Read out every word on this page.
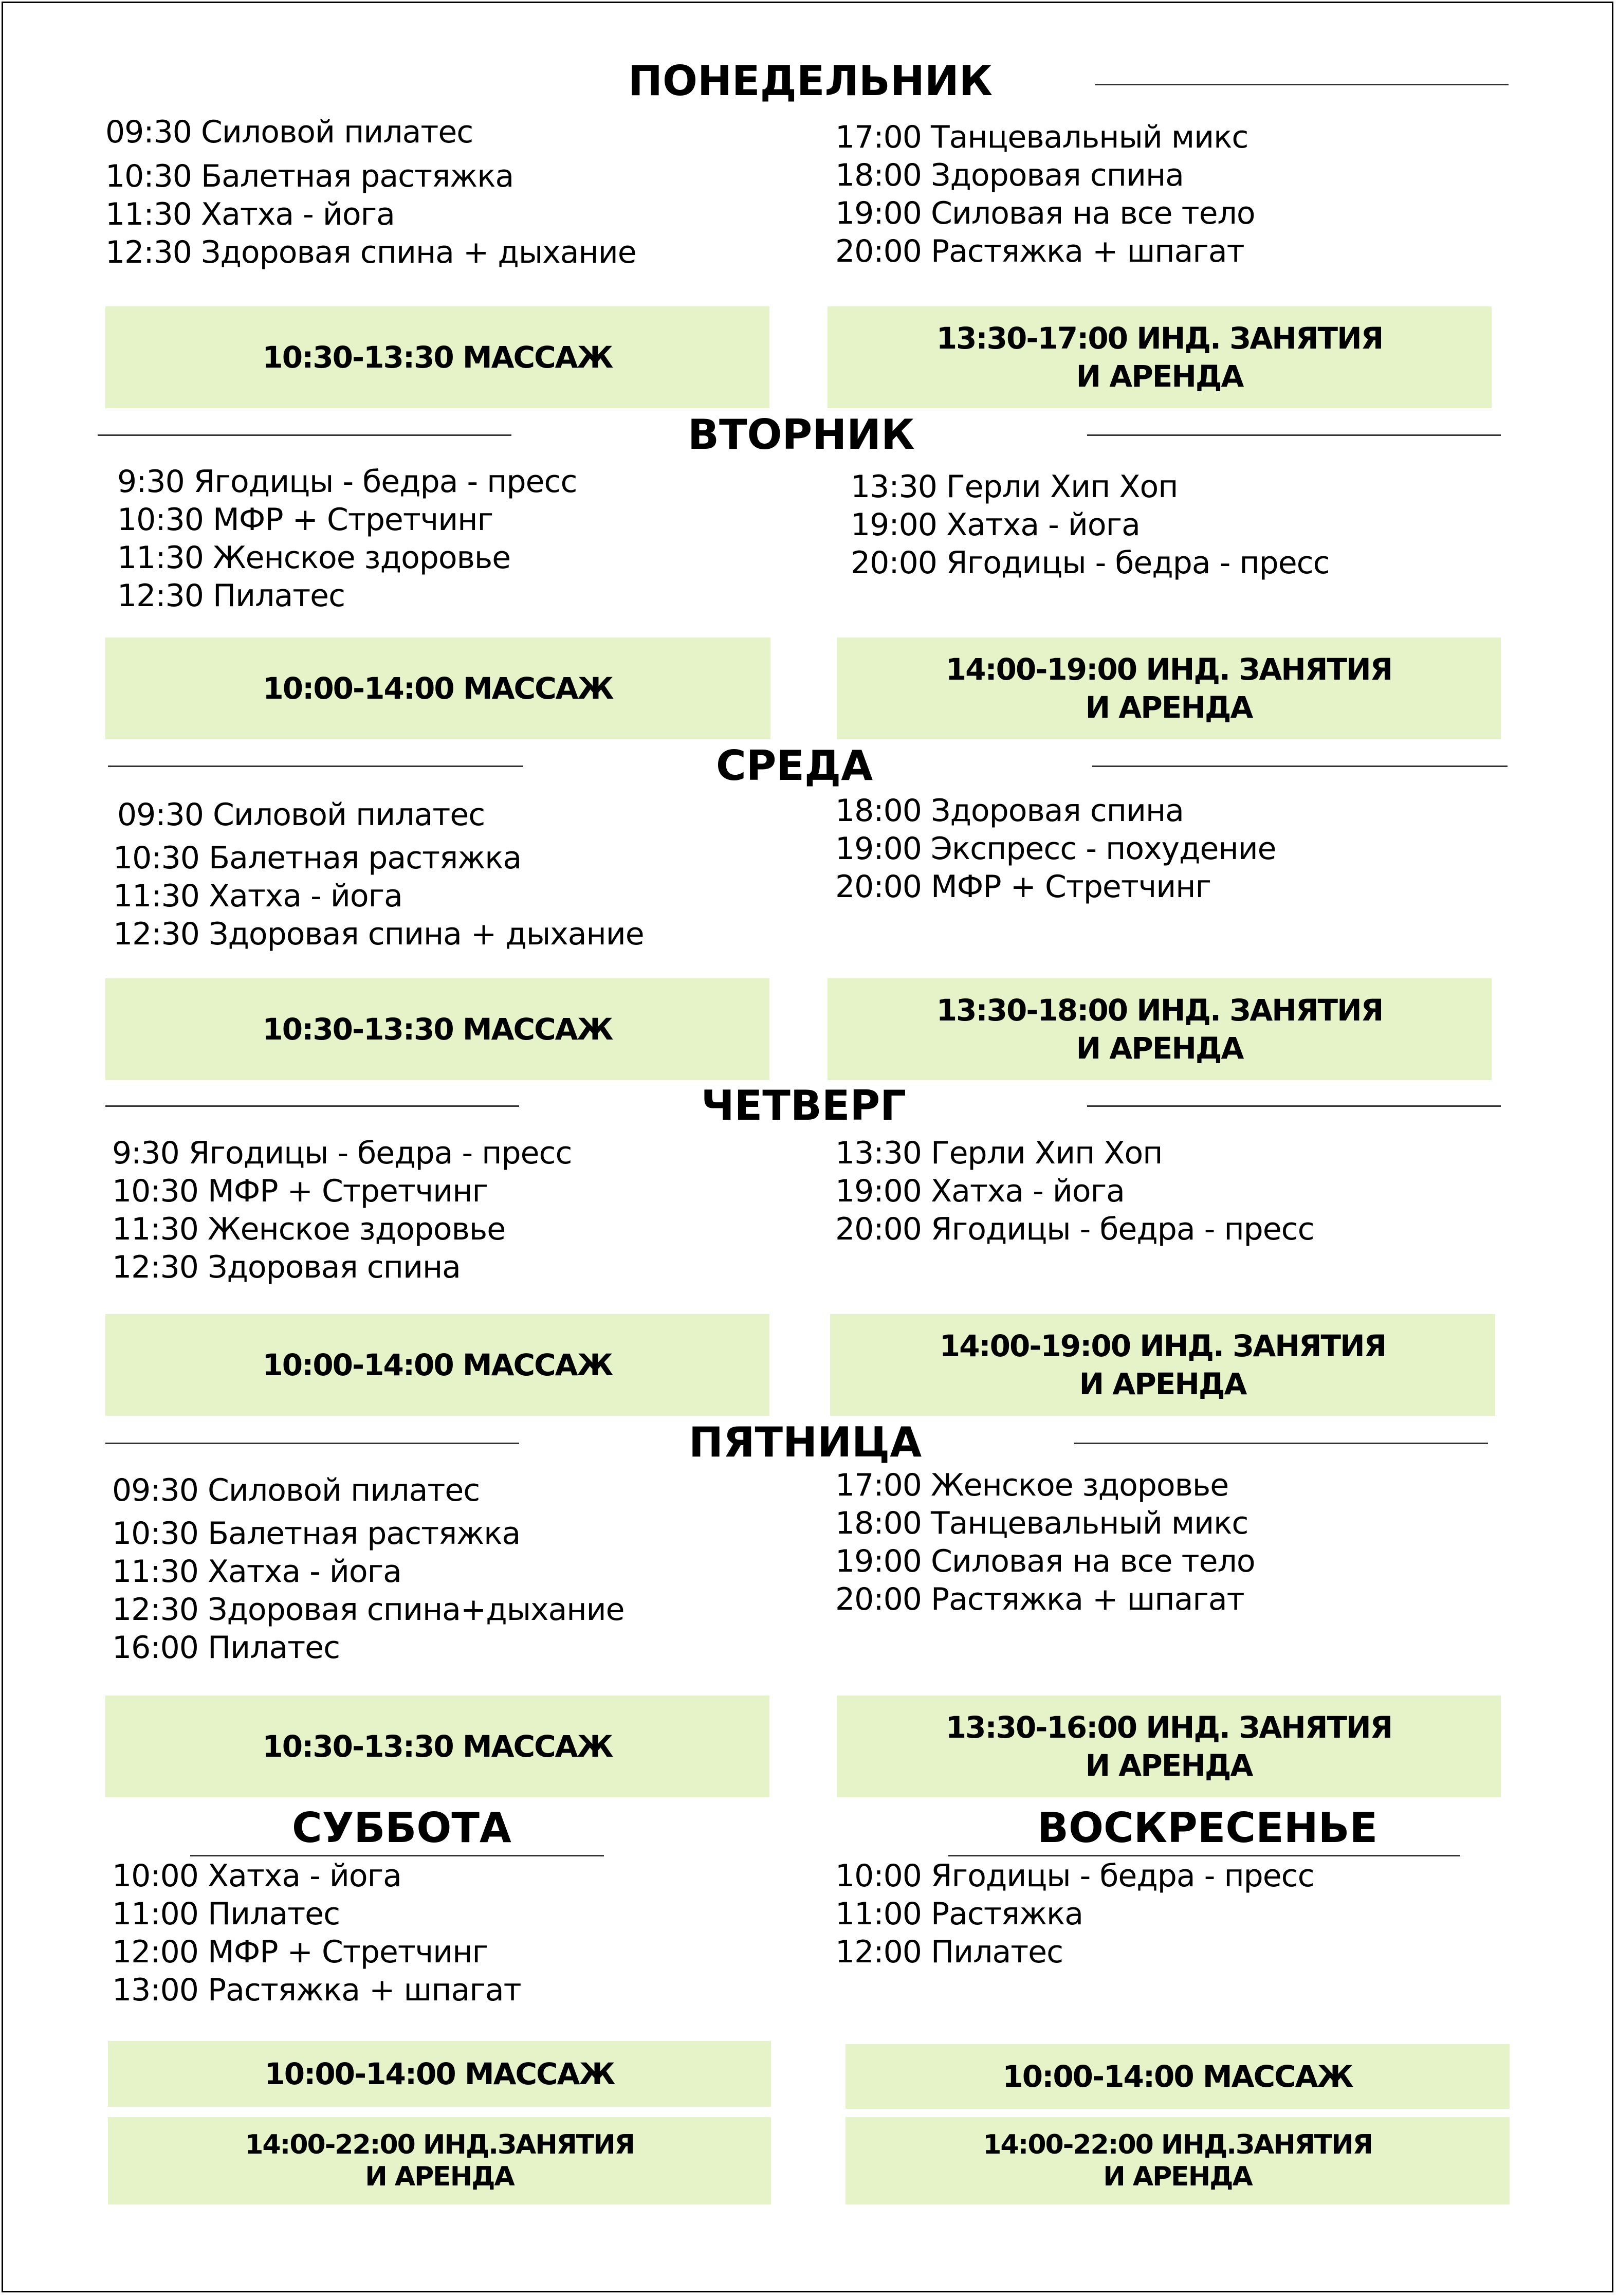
ПОНЕДЕЛЬНИК
09:30 Силовой пилатес
10:30 Балетная растяжка
11:30 Хатха - йога
12:30 Здоровая спина + дыхание
17:00 Танцевальный микс
18:00 Здоровая спина
19:00 Силовая на все тело
20:00 Растяжка + шпагат
10:30-13:30 МАССАЖ
13:30-17:00 ИНД. ЗАНЯТИЯ
И АРЕНДА
ВТОРНИК
9:30 Ягодицы - бедра - пресс
10:30 МФР + Стретчинг
11:30 Женское здоровье
12:30 Пилатес
13:30 Герли Хип Хоп
19:00 Хатха - йога
20:00 Ягодицы - бедра - пресс
10:00-14:00 МАССАЖ
14:00-19:00 ИНД. ЗАНЯТИЯ
И АРЕНДА
СРЕДА
09:30 Силовой пилатес
10:30 Балетная растяжка
11:30 Хатха - йога
12:30 Здоровая спина + дыхание
18:00 Здоровая спина
19:00 Экспресс - похудение
20:00 МФР + Стретчинг
10:30-13:30 МАССАЖ
13:30-18:00 ИНД. ЗАНЯТИЯ
И АРЕНДА
ЧЕТВЕРГ
9:30 Ягодицы - бедра - пресс
10:30 МФР + Стретчинг
11:30 Женское здоровье
12:30 Здоровая спина
13:30 Герли Хип Хоп
19:00 Хатха - йога
20:00 Ягодицы - бедра - пресс
10:00-14:00 МАССАЖ
14:00-19:00 ИНД. ЗАНЯТИЯ
И АРЕНДА
ПЯТНИЦА
09:30 Силовой пилатес
10:30 Балетная растяжка
11:30 Хатха - йога
12:30 Здоровая спина+дыхание
16:00 Пилатес
17:00 Женское здоровье
18:00 Танцевальный микс
19:00 Силовая на все тело
20:00 Растяжка + шпагат
10:30-13:30 МАССАЖ
13:30-16:00 ИНД. ЗАНЯТИЯ
И АРЕНДА
СУББОТА
10:00 Хатха - йога
11:00 Пилатес
12:00 МФР + Стретчинг
13:00 Растяжка + шпагат
10:00-14:00 МАССАЖ
14:00-22:00 ИНД.ЗАНЯТИЯ
И АРЕНДА
ВОСКРЕСЕНЬЕ
10:00 Ягодицы - бедра - пресс
11:00 Растяжка
12:00 Пилатес
10:00-14:00 МАССАЖ
14:00-22:00 ИНД.ЗАНЯТИЯ
И АРЕНДА
